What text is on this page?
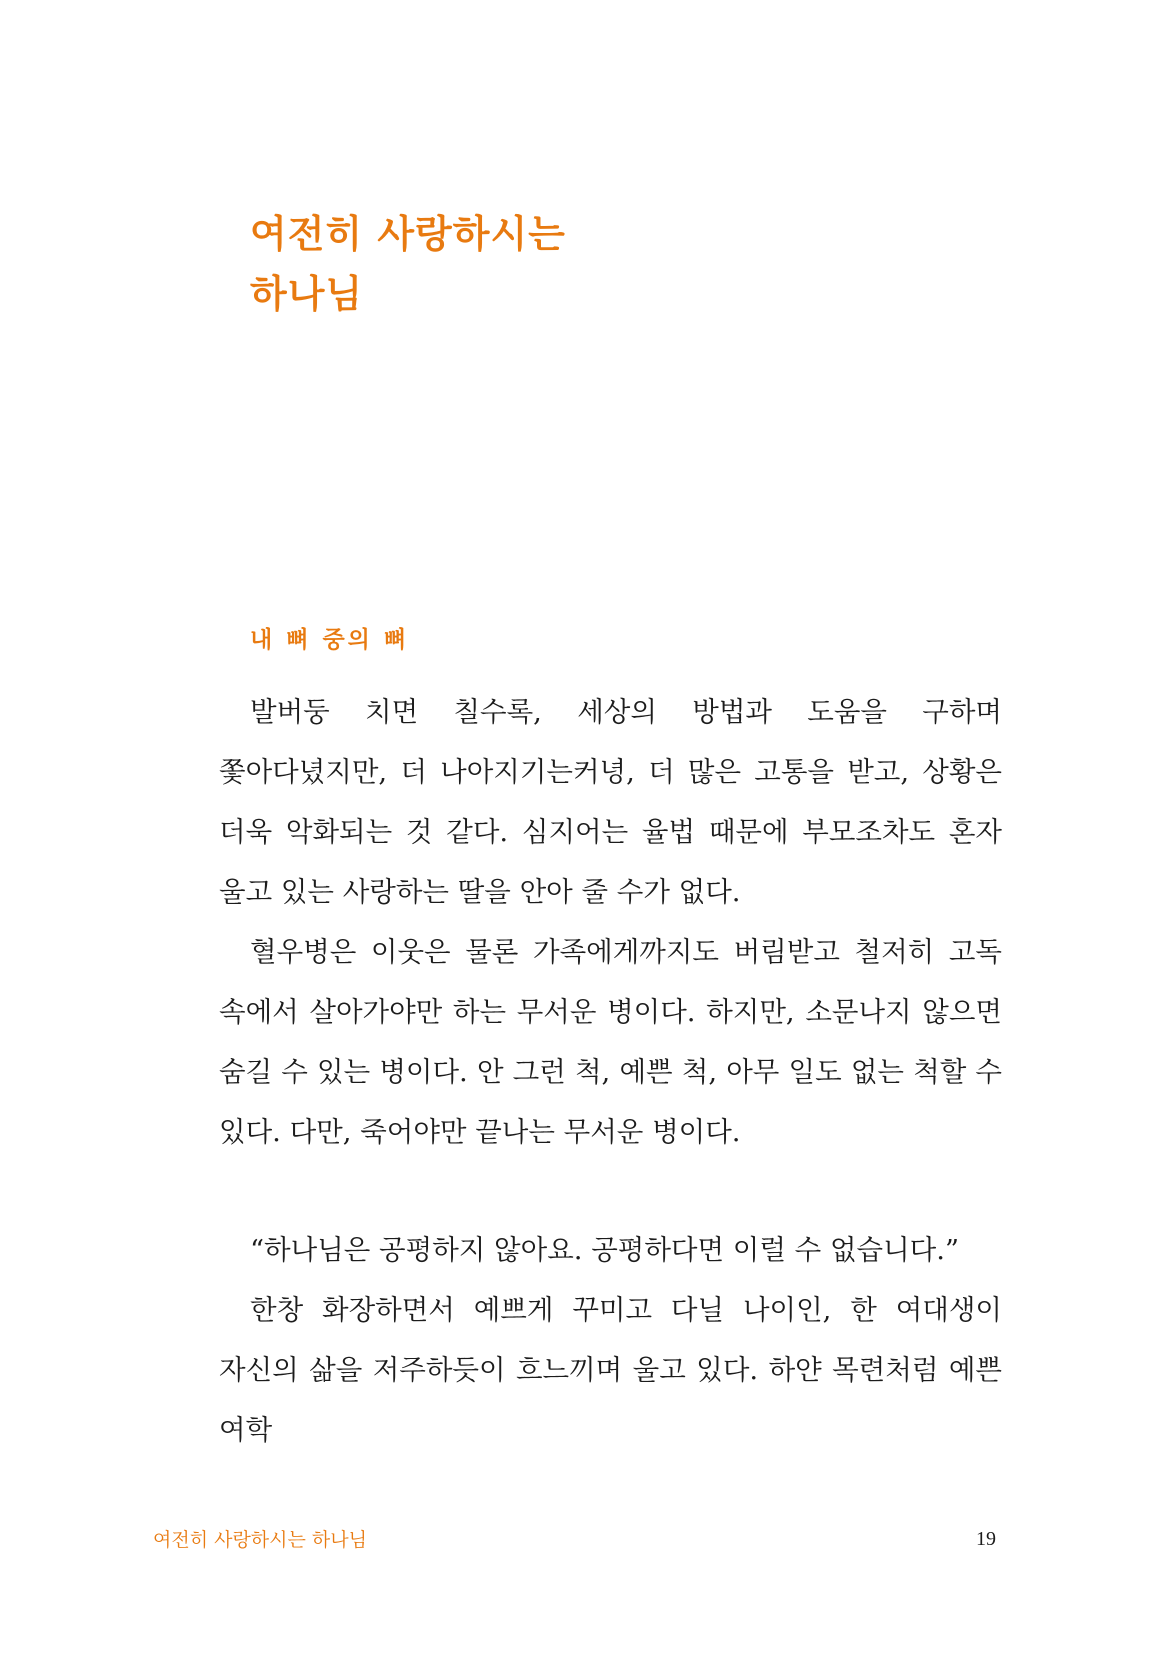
여전히 사랑하시는
하나님
내 뼈 중의 뼈

발버둥 치면 칠수록, 세상의 방법과 도움을 구하며 쫓아다녔지만, 더 나아지기는커녕, 더 많은 고통을 받고, 상황은 더욱 악화되는 것 같다. 심지어는 율법 때문에 부모조차도 혼자 울고 있는 사랑하는 딸을 안아 줄 수가 없다.

혈우병은 이웃은 물론 가족에게까지도 버림받고 철저히 고독 속에서 살아가야만 하는 무서운 병이다. 하지만, 소문나지 않으면 숨길 수 있는 병이다. 안 그런 척, 예쁜 척, 아무 일도 없는 척할 수 있다. 다만, 죽어야만 끝나는 무서운 병이다.

“하나님은 공평하지 않아요. 공평하다면 이럴 수 없습니다.”

한창 화장하면서 예쁘게 꾸미고 다닐 나이인, 한 여대생이 자신의 삶을 저주하듯이 흐느끼며 울고 있다. 하얀 목련처럼 예쁜 여학

여전히 사랑하시는 하나님	19
